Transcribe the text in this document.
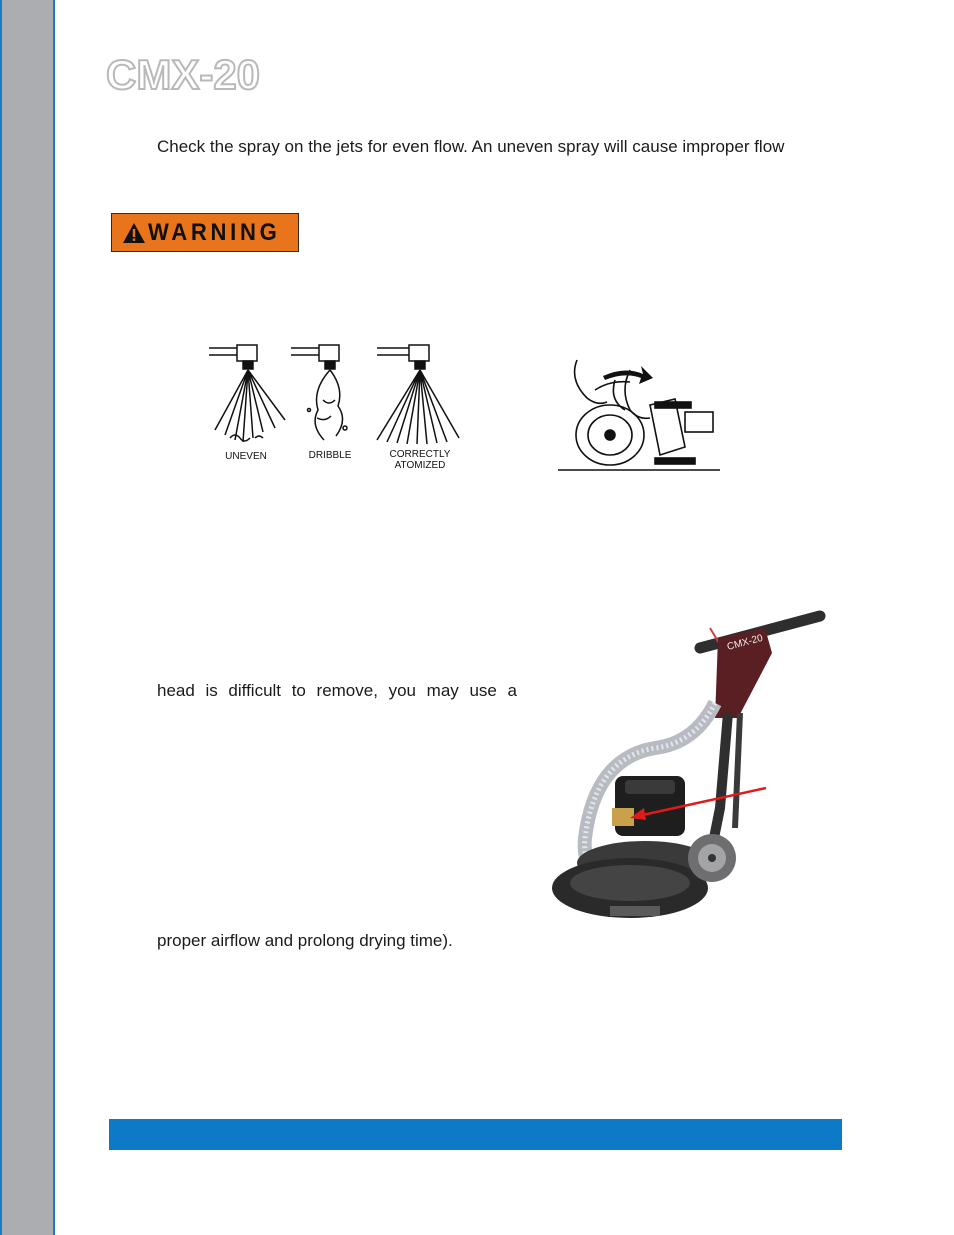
CMX-20
Check the spray on the jets for even flow. An uneven spray will cause improper flow
WARNING
UNEVEN	DRIBBLE	CORRECTLY
ATOMIZED
head is difficult to remove, you may use a
CMX-20
proper airflow and prolong drying time).
